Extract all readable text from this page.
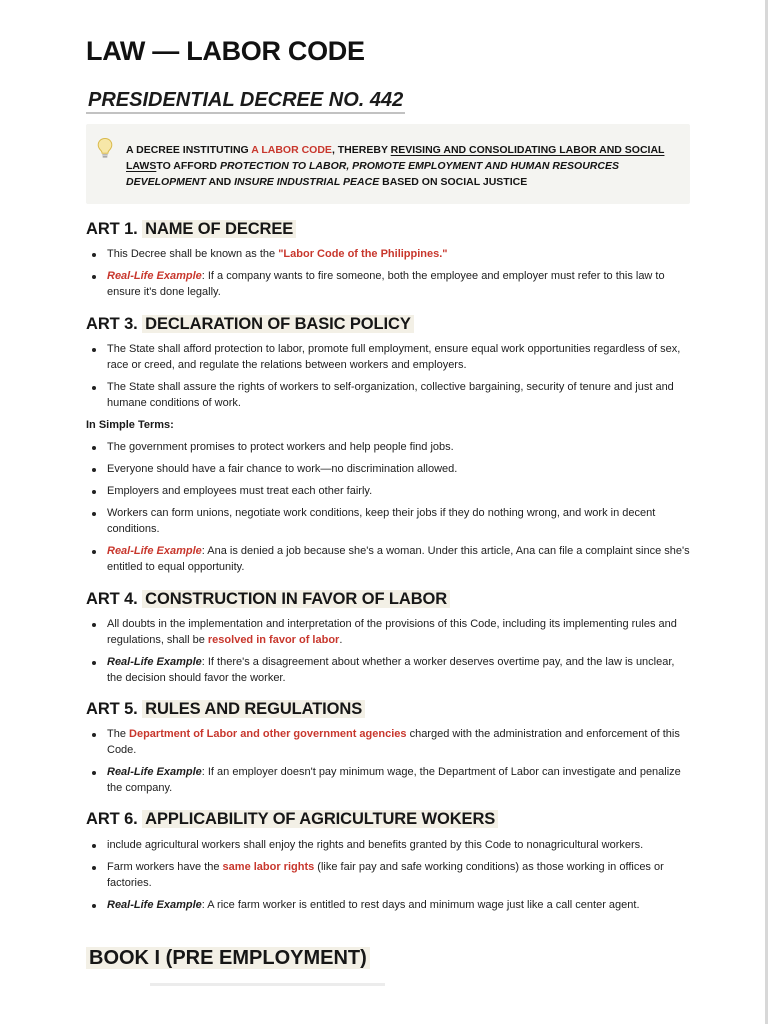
LAW — LABOR CODE
PRESIDENTIAL DECREE NO. 442
A DECREE INSTITUTING A LABOR CODE, THEREBY REVISING AND CONSOLIDATING LABOR AND SOCIAL LAWSTO AFFORD PROTECTION TO LABOR, PROMOTE EMPLOYMENT AND HUMAN RESOURCES DEVELOPMENT AND INSURE INDUSTRIAL PEACE BASED ON SOCIAL JUSTICE
ART 1. NAME OF DECREE
This Decree shall be known as the "Labor Code of the Philippines."
Real-Life Example: If a company wants to fire someone, both the employee and employer must refer to this law to ensure it's done legally.
ART 3. DECLARATION OF BASIC POLICY
The State shall afford protection to labor, promote full employment, ensure equal work opportunities regardless of sex, race or creed, and regulate the relations between workers and employers.
The State shall assure the rights of workers to self-organization, collective bargaining, security of tenure and just and humane conditions of work.
In Simple Terms:
The government promises to protect workers and help people find jobs.
Everyone should have a fair chance to work—no discrimination allowed.
Employers and employees must treat each other fairly.
Workers can form unions, negotiate work conditions, keep their jobs if they do nothing wrong, and work in decent conditions.
Real-Life Example: Ana is denied a job because she's a woman. Under this article, Ana can file a complaint since she's entitled to equal opportunity.
ART 4. CONSTRUCTION IN FAVOR OF LABOR
All doubts in the implementation and interpretation of the provisions of this Code, including its implementing rules and regulations, shall be resolved in favor of labor.
Real-Life Example: If there's a disagreement about whether a worker deserves overtime pay, and the law is unclear, the decision should favor the worker.
ART 5. RULES AND REGULATIONS
The Department of Labor and other government agencies charged with the administration and enforcement of this Code.
Real-Life Example: If an employer doesn't pay minimum wage, the Department of Labor can investigate and penalize the company.
ART 6. APPLICABILITY OF AGRICULTURE WOKERS
include agricultural workers shall enjoy the rights and benefits granted by this Code to nonagricultural workers.
Farm workers have the same labor rights (like fair pay and safe working conditions) as those working in offices or factories.
Real-Life Example: A rice farm worker is entitled to rest days and minimum wage just like a call center agent.
BOOK I (PRE EMPLOYMENT)
